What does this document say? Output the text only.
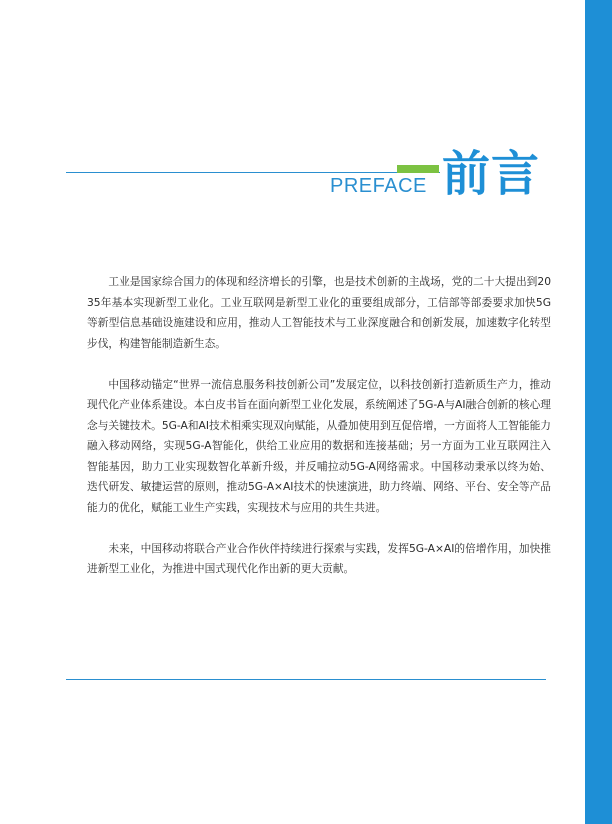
PREFACE 前言

工业是国家综合国力的体现和经济增长的引擎，也是技术创新的主战场，党的二十大提出到2035年基本实现新型工业化。工业互联网是新型工业化的重要组成部分，工信部等部委要求加快5G等新型信息基础设施建设和应用，推动人工智能技术与工业深度融合和创新发展，加速数字化转型步伐，构建智能制造新生态。

中国移动锚定“世界一流信息服务科技创新公司”发展定位，以科技创新打造新质生产力，推动现代化产业体系建设。本白皮书旨在面向新型工业化发展，系统阐述了5G-A与AI融合创新的核心理念与关键技术。5G-A和AI技术相乘实现双向赋能，从叠加使用到互促倍增，一方面将人工智能能力融入移动网络，实现5G-A智能化，供给工业应用的数据和连接基础；另一方面为工业互联网注入智能基因，助力工业实现数智化革新升级，并反哺拉动5G-A网络需求。中国移动秉承以终为始、迭代研发、敏捷运营的原则，推动5G-A×AI技术的快速演进，助力终端、网络、平台、安全等产品能力的优化，赋能工业生产实践，实现技术与应用的共生共进。

未来，中国移动将联合产业合作伙伴持续进行探索与实践，发挥5G-A×AI的倍增作用，加快推进新型工业化，为推进中国式现代化作出新的更大贡献。
